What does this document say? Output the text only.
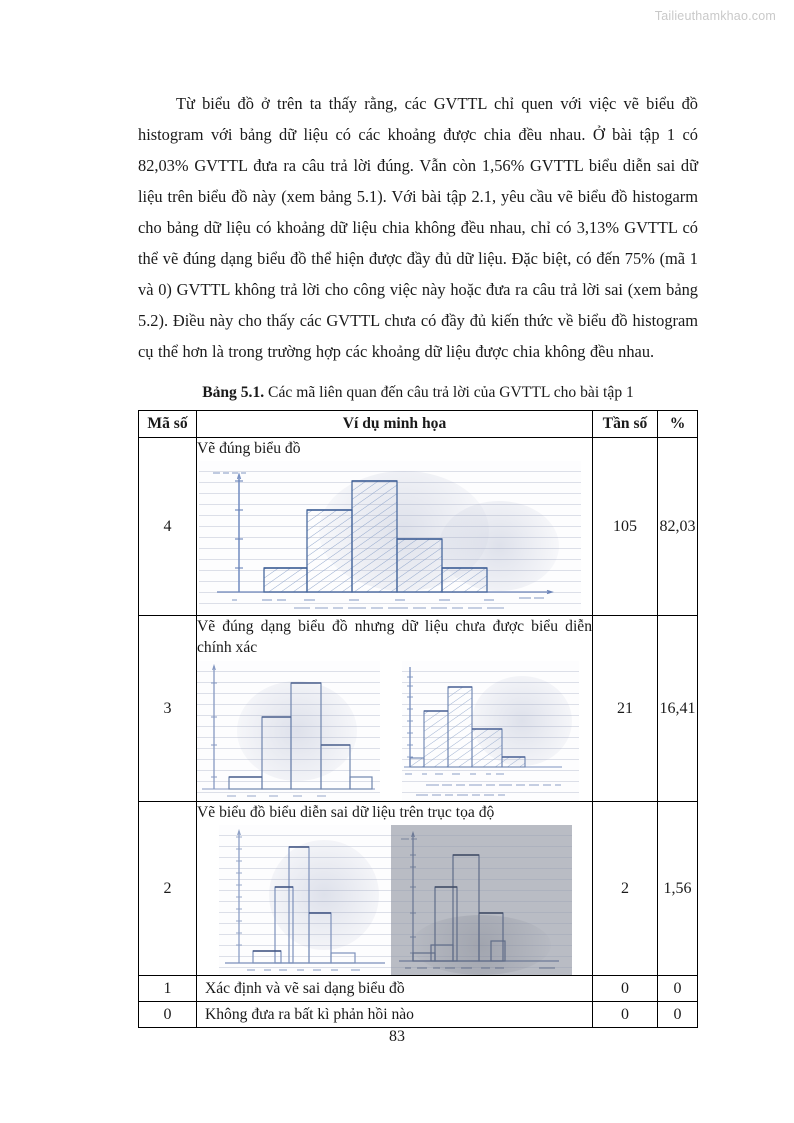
Tailieuthamkhao.com

Từ biểu đồ ở trên ta thấy rằng, các GVTTL chỉ quen với việc vẽ biểu đồ histogram với bảng dữ liệu có các khoảng được chia đều nhau. Ở bài tập 1 có 82,03% GVTTL đưa ra câu trả lời đúng. Vẫn còn 1,56% GVTTL biểu diễn sai dữ liệu trên biểu đồ này (xem bảng 5.1). Với bài tập 2.1, yêu cầu vẽ biểu đồ histogarm cho bảng dữ liệu có khoảng dữ liệu chia không đều nhau, chỉ có 3,13% GVTTL có thể vẽ đúng dạng biểu đồ thể hiện được đầy đủ dữ liệu. Đặc biệt, có đến 75% (mã 1 và 0) GVTTL không trả lời cho công việc này hoặc đưa ra câu trả lời sai (xem bảng 5.2). Điều này cho thấy các GVTTL chưa có đầy đủ kiến thức về biểu đồ histogram cụ thể hơn là trong trường hợp các khoảng dữ liệu được chia không đều nhau.

Bảng 5.1. Các mã liên quan đến câu trả lời của GVTTL cho bài tập 1
Mã số	Ví dụ minh họa	Tần số	%
4	Vẽ đúng biểu đồ	105	82,03
3	Vẽ đúng dạng biểu đồ nhưng dữ liệu chưa được biểu diễn chính xác	21	16,41
2	Vẽ biểu đồ biểu diễn sai dữ liệu trên trục tọa độ	2	1,56
1	Xác định và vẽ sai dạng biểu đồ	0	0
0	Không đưa ra bất kì phản hồi nào	0	0
83
